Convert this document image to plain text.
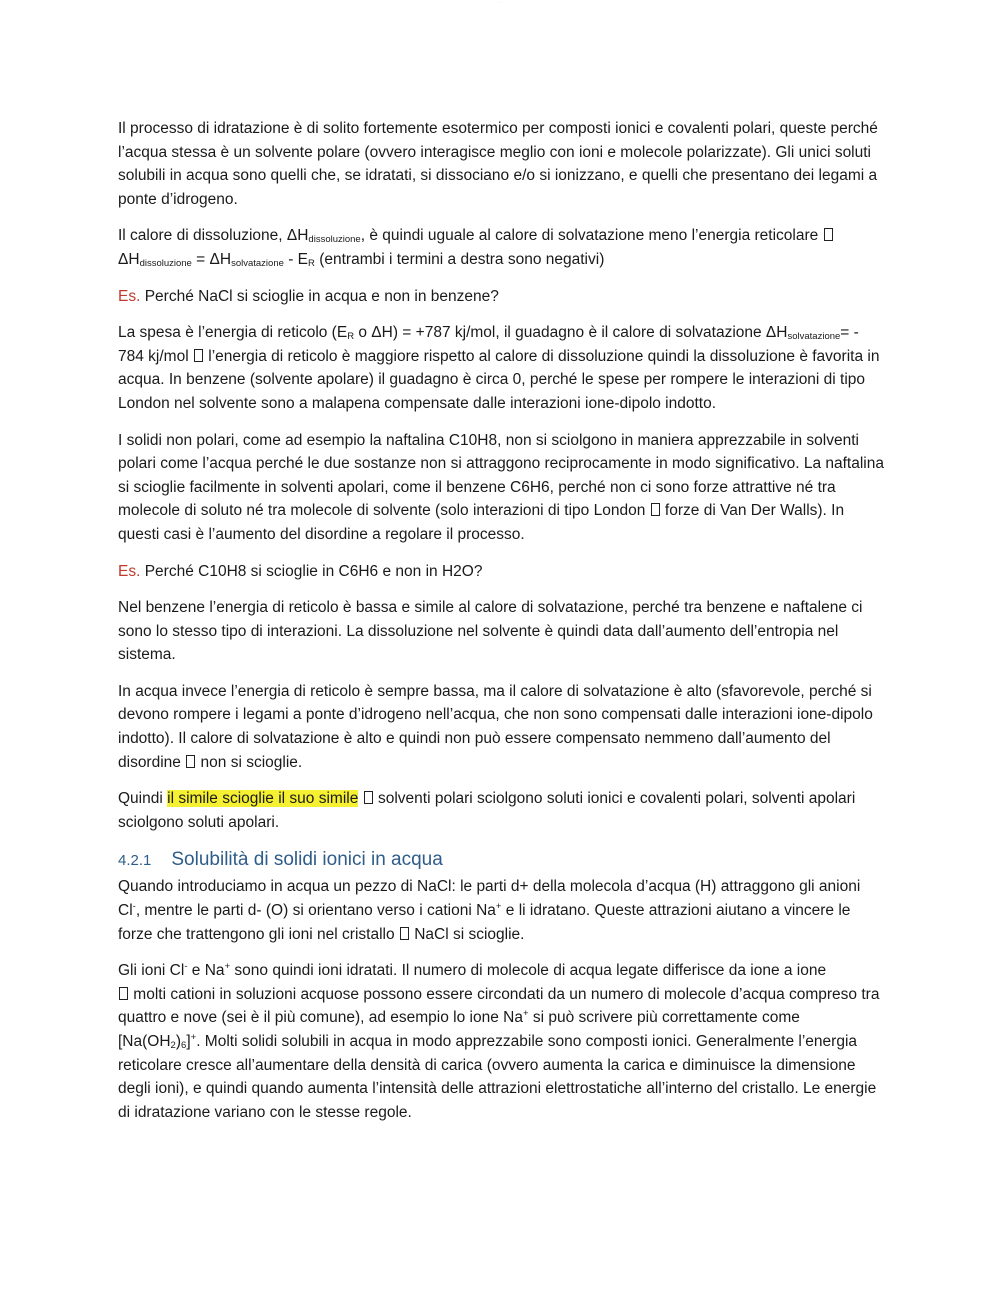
· · ·

Il processo di idratazione è di solito fortemente esotermico per composti ionici e covalenti polari, queste perché l’acqua stessa è un solvente polare (ovvero interagisce meglio con ioni e molecole polarizzate). Gli unici soluti solubili in acqua sono quelli che, se idratati, si dissociano e/o si ionizzano, e quelli che presentano dei legami a ponte d’idrogeno.

Il calore di dissoluzione, $\Delta H_{dissoluzione}$, è quindi uguale al calore di solvatazione meno l’energia reticolare
$\Delta H_{dissoluzione} = \Delta H_{solvatazione} - E_R$ (entrambi i termini a destra sono negativi)

Es. Perché NaCl si scioglie in acqua e non in benzene?

La spesa è l’energia di reticolo ($E_R$ o ΔH) = +787 kj/mol, il guadagno è il calore di solvatazione $\Delta H_{solvatazione}= - 784$ kj/mol  l’energia di reticolo è maggiore rispetto al calore di dissoluzione quindi la dissoluzione è favorita in acqua. In benzene (solvente apolare) il guadagno è circa 0, perché le spese per rompere le interazioni di tipo London nel solvente sono a malapena compensate dalle interazioni ione-dipolo indotto.

I solidi non polari, come ad esempio la naftalina C10H8, non si sciolgono in maniera apprezzabile in solventi polari come l’acqua perché le due sostanze non si attraggono reciprocamente in modo significativo. La naftalina si scioglie facilmente in solventi apolari, come il benzene C6H6, perché non ci sono forze attrattive né tra molecole di soluto né tra molecole di solvente (solo interazioni di tipo London  forze di Van Der Walls). In questi casi è l’aumento del disordine a regolare il processo.

Es. Perché C10H8 si scioglie in C6H6 e non in H2O?

Nel benzene l’energia di reticolo è bassa e simile al calore di solvatazione, perché tra benzene e naftalene ci sono lo stesso tipo di interazioni. La dissoluzione nel solvente è quindi data dall’aumento dell’entropia nel sistema.

In acqua invece l’energia di reticolo è sempre bassa, ma il calore di solvatazione è alto (sfavorevole, perché si devono rompere i legami a ponte d’idrogeno nell’acqua, che non sono compensati dalle interazioni ione-dipolo indotto). Il calore di solvatazione è alto e quindi non può essere compensato nemmeno dall’aumento del disordine  non si scioglie.

Quindi il simile scioglie il suo simile  solventi polari sciolgono soluti ionici e covalenti polari, solventi apolari sciolgono soluti apolari.

4.2.1 Solubilità di solidi ionici in acqua

Quando introduciamo in acqua un pezzo di NaCl: le parti d+ della molecola d’acqua (H) attraggono gli anioni Cl-, mentre le parti d- (O) si orientano verso i cationi Na+ e li idratano. Queste attrazioni aiutano a vincere le forze che trattengono gli ioni nel cristallo  NaCl si scioglie.

Gli ioni Cl- e Na+ sono quindi ioni idratati. Il numero di molecole di acqua legate differisce da ione a ione
molti cationi in soluzioni acquose possono essere circondati da un numero di molecole d’acqua compreso tra quattro e nove (sei è il più comune), ad esempio lo ione Na+ si può scrivere più correttamente come $[Na(OH_2)_6]^+$. Molti solidi solubili in acqua in modo apprezzabile sono composti ionici. Generalmente l’energia reticolare cresce all’aumentare della densità di carica (ovvero aumenta la carica e diminuisce la dimensione degli ioni), e quindi quando aumenta l’intensità delle attrazioni elettrostatiche all’interno del cristallo. Le energie di idratazione variano con le stesse regole.
